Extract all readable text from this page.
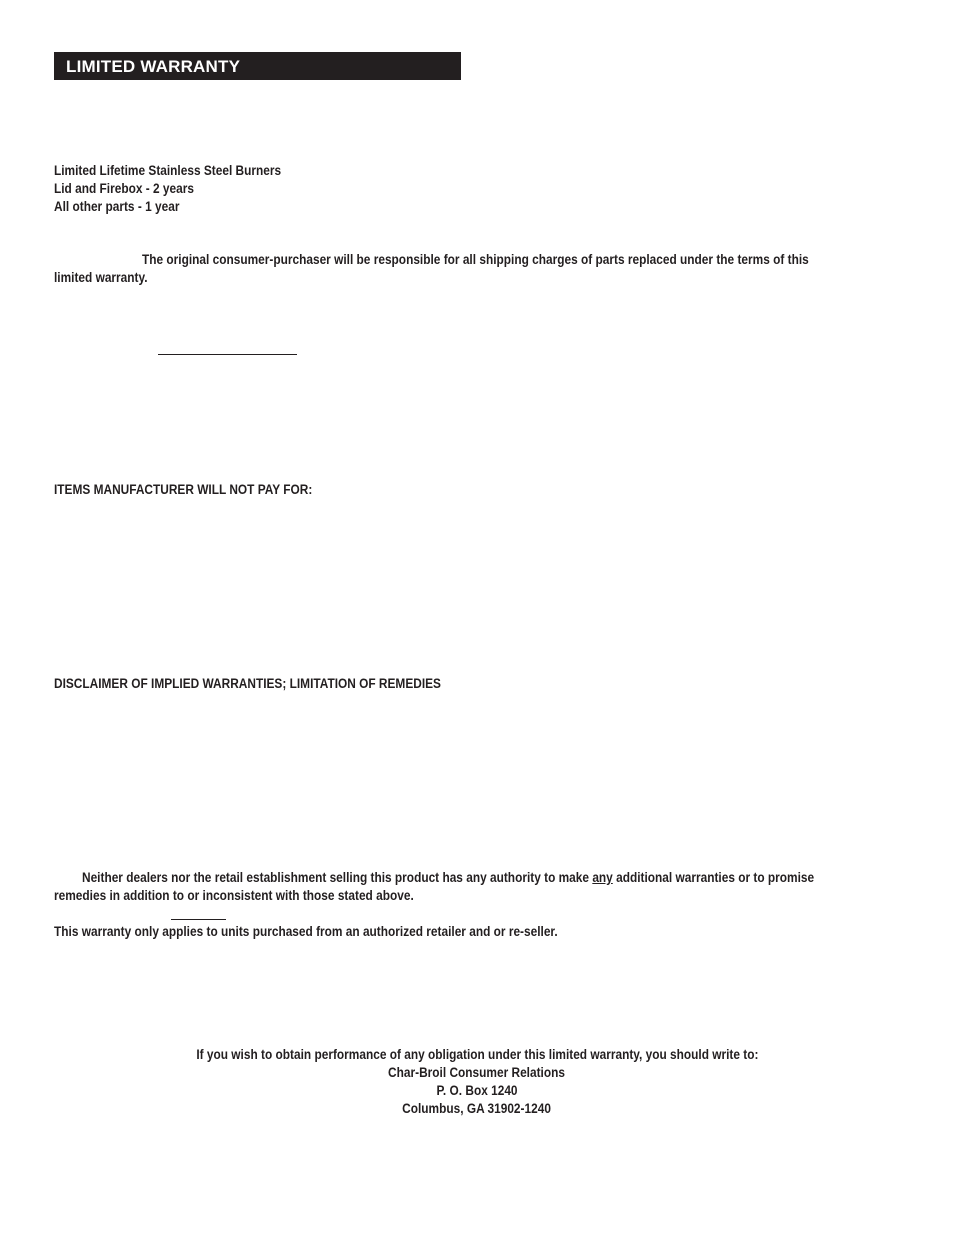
LIMITED WARRANTY
Limited Lifetime Stainless Steel Burners
Lid and Firebox - 2 years
All other parts - 1 year
The original consumer-purchaser will be responsible for all shipping charges of parts replaced under the terms of this
limited warranty.
ITEMS MANUFACTURER WILL NOT PAY FOR:
DISCLAIMER OF IMPLIED WARRANTIES; LIMITATION OF REMEDIES
Neither dealers nor the retail establishment selling this product has any authority to make any additional warranties or to promise
remedies in addition to or inconsistent with those stated above.
This warranty only applies to units purchased from an authorized retailer and or re-seller.
If you wish to obtain performance of any obligation under this limited warranty, you should write to:
Char-Broil Consumer Relations
P. O. Box 1240
Columbus, GA 31902-1240
